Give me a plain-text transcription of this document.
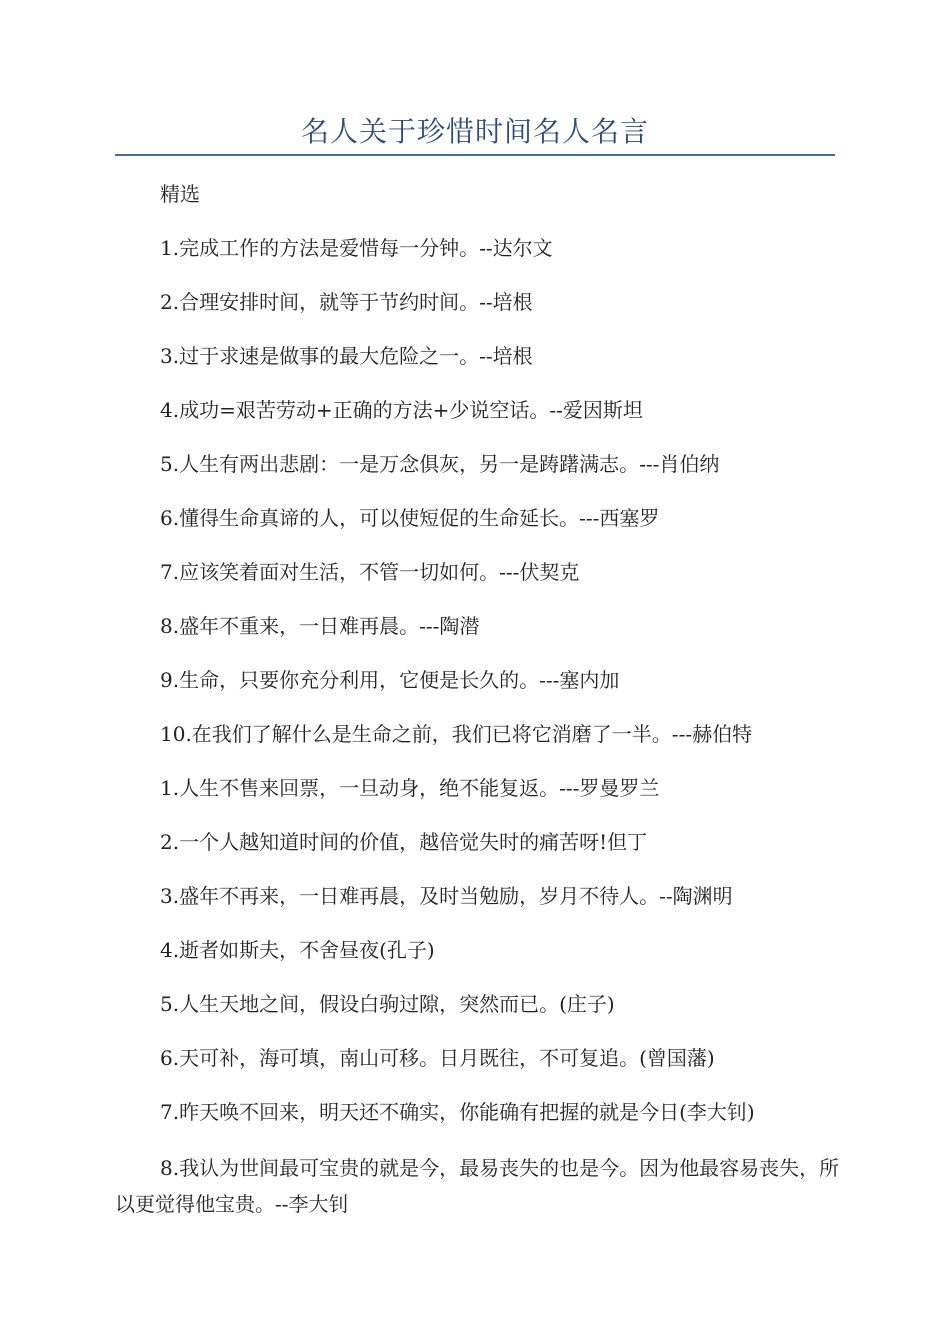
名人关于珍惜时间名人名言
精选
1.完成工作的方法是爱惜每一分钟。--达尔文
2.合理安排时间，就等于节约时间。--培根
3.过于求速是做事的最大危险之一。--培根
4.成功=艰苦劳动+正确的方法+少说空话。--爱因斯坦
5.人生有两出悲剧：一是万念俱灰，另一是踌躇满志。---肖伯纳
6.懂得生命真谛的人，可以使短促的生命延长。---西塞罗
7.应该笑着面对生活，不管一切如何。---伏契克
8.盛年不重来，一日难再晨。---陶潜
9.生命，只要你充分利用，它便是长久的。---塞内加
10.在我们了解什么是生命之前，我们已将它消磨了一半。---赫伯特
1.人生不售来回票，一旦动身，绝不能复返。---罗曼罗兰
2.一个人越知道时间的价值，越倍觉失时的痛苦呀!但丁
3.盛年不再来，一日难再晨，及时当勉励，岁月不待人。--陶渊明
4.逝者如斯夫，不舍昼夜(孔子)
5.人生天地之间，假设白驹过隙，突然而已。(庄子)
6.天可补，海可填，南山可移。日月既往，不可复追。(曾国藩)
7.昨天唤不回来，明天还不确实，你能确有把握的就是今日(李大钊)
8.我认为世间最可宝贵的就是今，最易丧失的也是今。因为他最容易丧失，所以更觉得他宝贵。--李大钊
